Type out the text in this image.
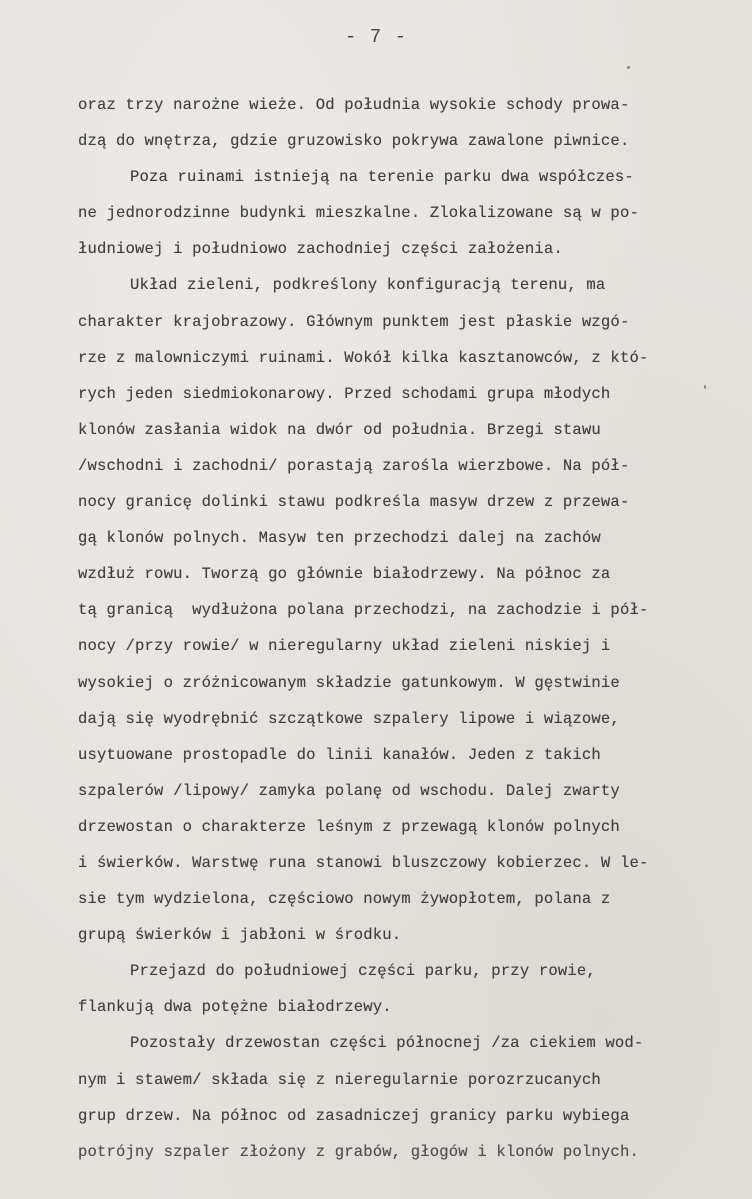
- 7 -
oraz trzy narożne wieże. Od południa wysokie schody prowa-
dzą do wnętrza, gdzie gruzowisko pokrywa zawalone piwnice.
Poza ruinami istnieją na terenie parku dwa współczes-
ne jednorodzinne budynki mieszkalne. Zlokalizowane są w po-
łudniowej i południowo zachodniej części założenia.
Układ zieleni, podkreślony konfiguracją terenu, ma
charakter krajobrazowy. Głównym punktem jest płaskie wzgó-
rze z malowniczymi ruinami. Wokół kilka kasztanowców, z któ-
rych jeden siedmiokonarowy. Przed schodami grupa młodych
klonów zasłania widok na dwór od południa. Brzegi stawu
/wschodni i zachodni/ porastają zarośla wierzbowe. Na pół-
nocy granicę dolinki stawu podkreśla masyw drzew z przewa-
gą klonów polnych. Masyw ten przechodzi dalej na zachów
wzdłuż rowu. Tworzą go głównie białodrzewy. Na północ za
tą granicą  wydłużona polana przechodzi, na zachodzie i pół-
nocy /przy rowie/ w nieregularny układ zieleni niskiej i
wysokiej o zróżnicowanym składzie gatunkowym. W gęstwinie
dają się wyodrębnić szczątkowe szpalery lipowe i wiązowe,
usytuowane prostopadle do linii kanałów. Jeden z takich
szpalerów /lipowy/ zamyka polanę od wschodu. Dalej zwarty
drzewostan o charakterze leśnym z przewagą klonów polnych
i świerków. Warstwę runa stanowi bluszczowy kobierzec. W le-
sie tym wydzielona, częściowo nowym żywopłotem, polana z
grupą świerków i jabłoni w środku.
Przejazd do południowej części parku, przy rowie,
flankują dwa potężne białodrzewy.
Pozostały drzewostan części północnej /za ciekiem wod-
nym i stawem/ składa się z nieregularnie porozrzucanych
grup drzew. Na północ od zasadniczej granicy parku wybiega
potrójny szpaler złożony z grabów, głogów i klonów polnych.
